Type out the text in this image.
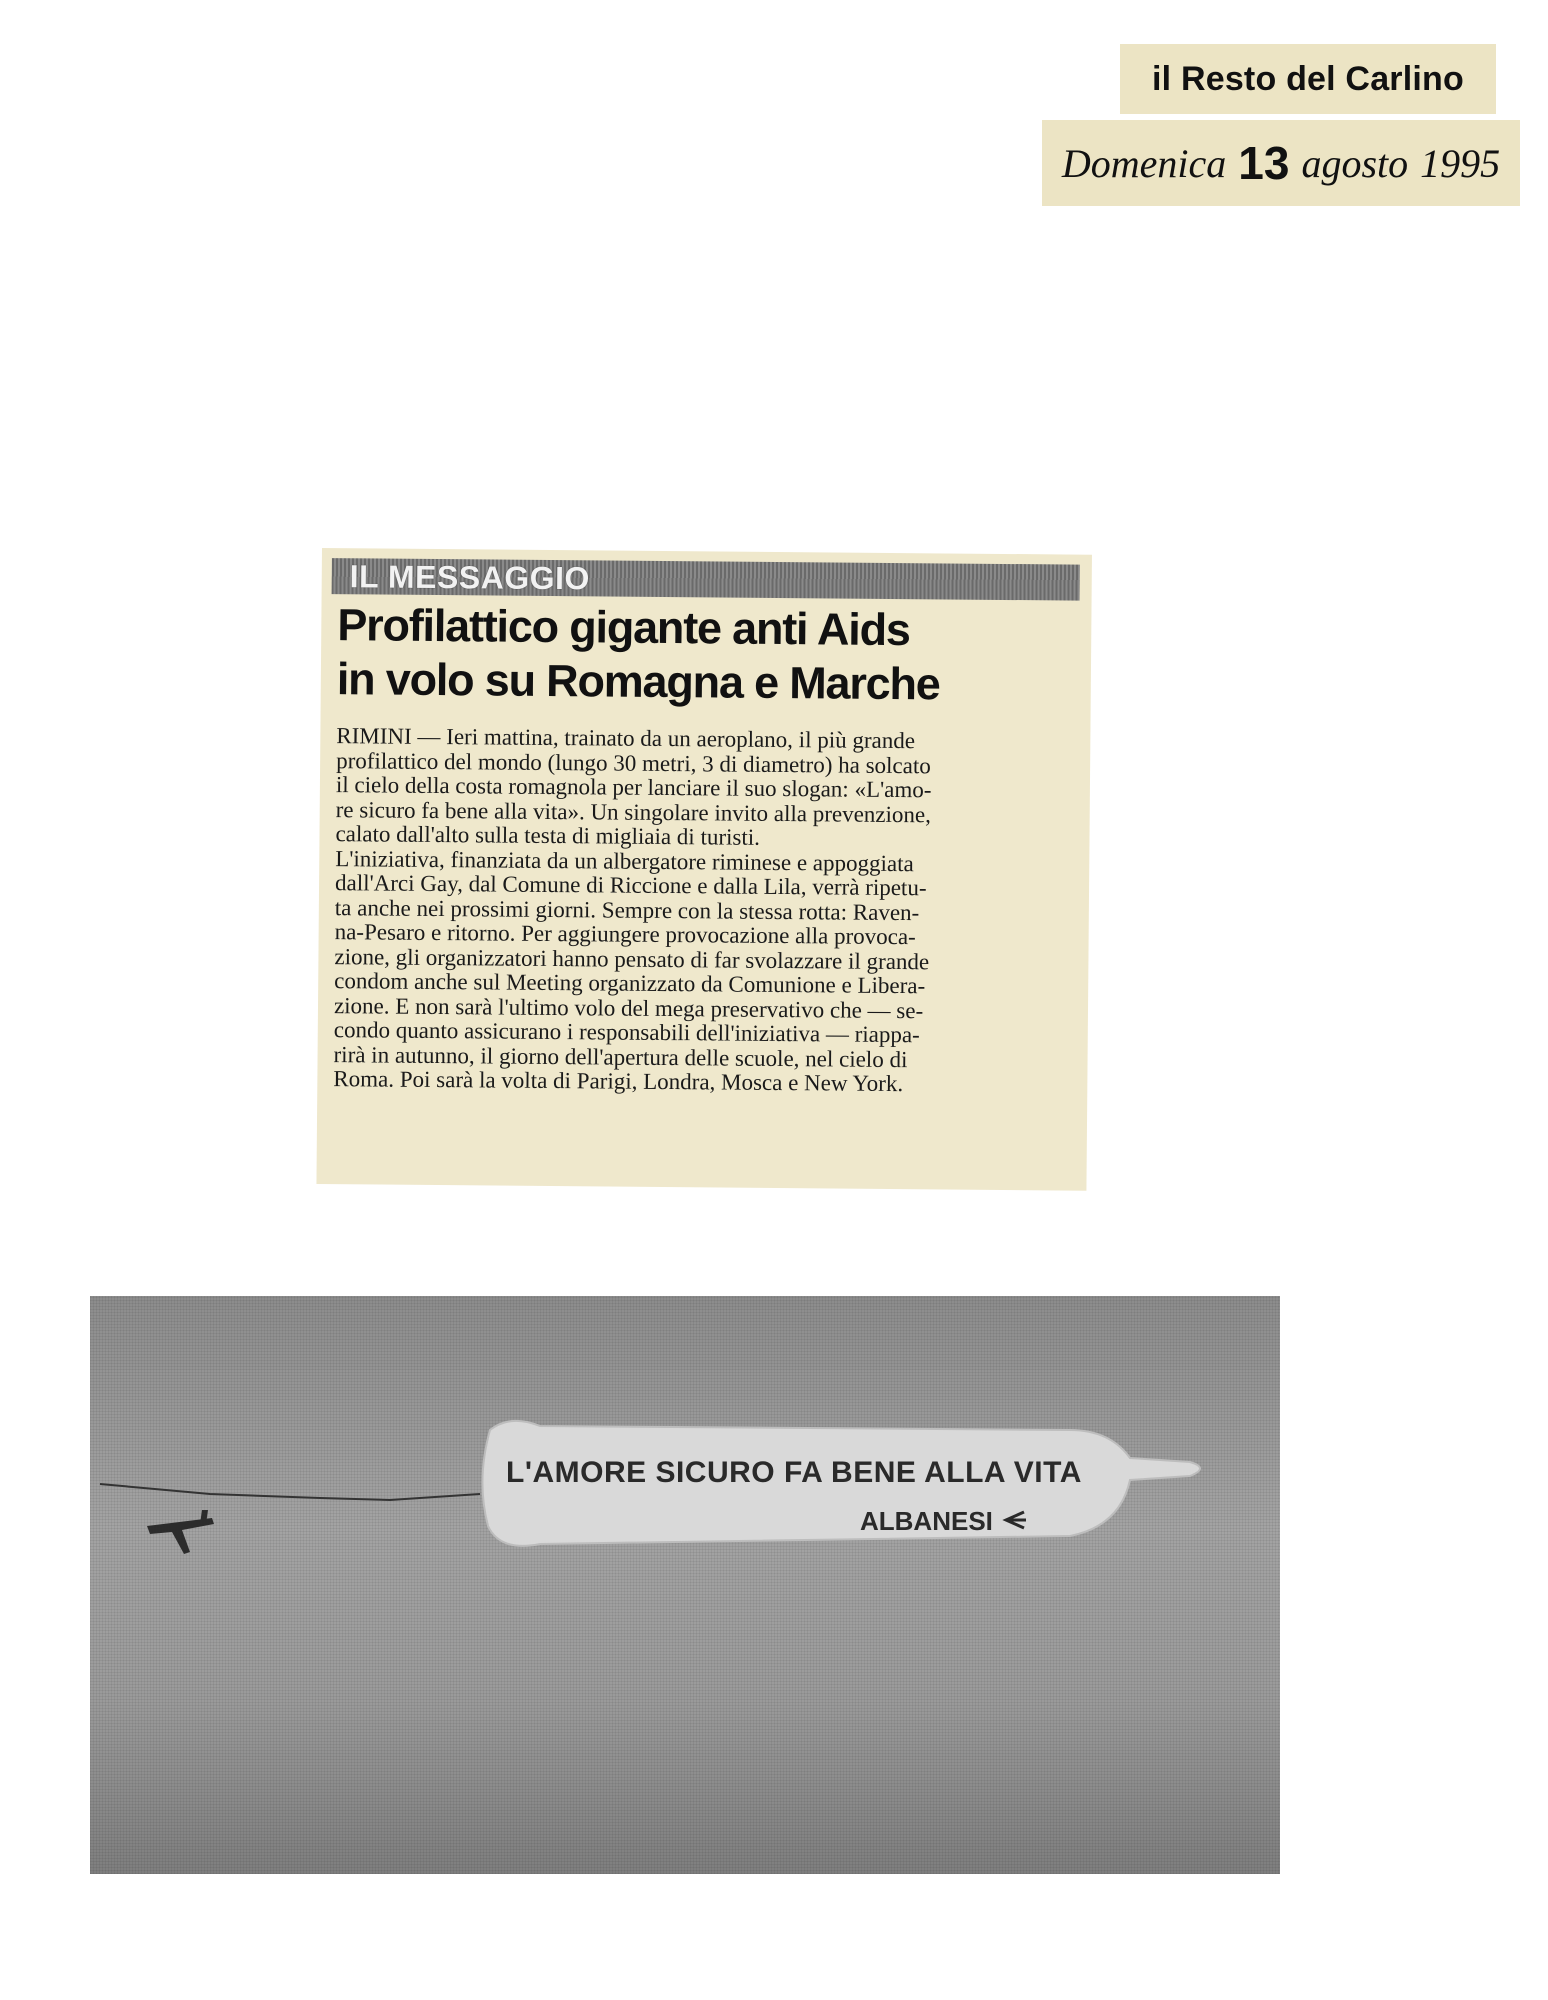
il Resto del Carlino
Domenica 13 agosto 1995
IL MESSAGGIO
Profilattico gigante anti Aids
in volo su Romagna e Marche
RIMINI — Ieri mattina, trainato da un aeroplano, il più grande
profilattico del mondo (lungo 30 metri, 3 di diametro) ha solcato
il cielo della costa romagnola per lanciare il suo slogan: «L'amo-
re sicuro fa bene alla vita». Un singolare invito alla prevenzione,
calato dall'alto sulla testa di migliaia di turisti.
L'iniziativa, finanziata da un albergatore riminese e appoggiata
dall'Arci Gay, dal Comune di Riccione e dalla Lila, verrà ripetu-
ta anche nei prossimi giorni. Sempre con la stessa rotta: Raven-
na-Pesaro e ritorno. Per aggiungere provocazione alla provoca-
zione, gli organizzatori hanno pensato di far svolazzare il grande
condom anche sul Meeting organizzato da Comunione e Libera-
zione. E non sarà l'ultimo volo del mega preservativo che — se-
condo quanto assicurano i responsabili dell'iniziativa — riappa-
rirà in autunno, il giorno dell'apertura delle scuole, nel cielo di
Roma. Poi sarà la volta di Parigi, Londra, Mosca e New York.
L'AMORE SICURO FA BENE ALLA VITA
ALBANESI
